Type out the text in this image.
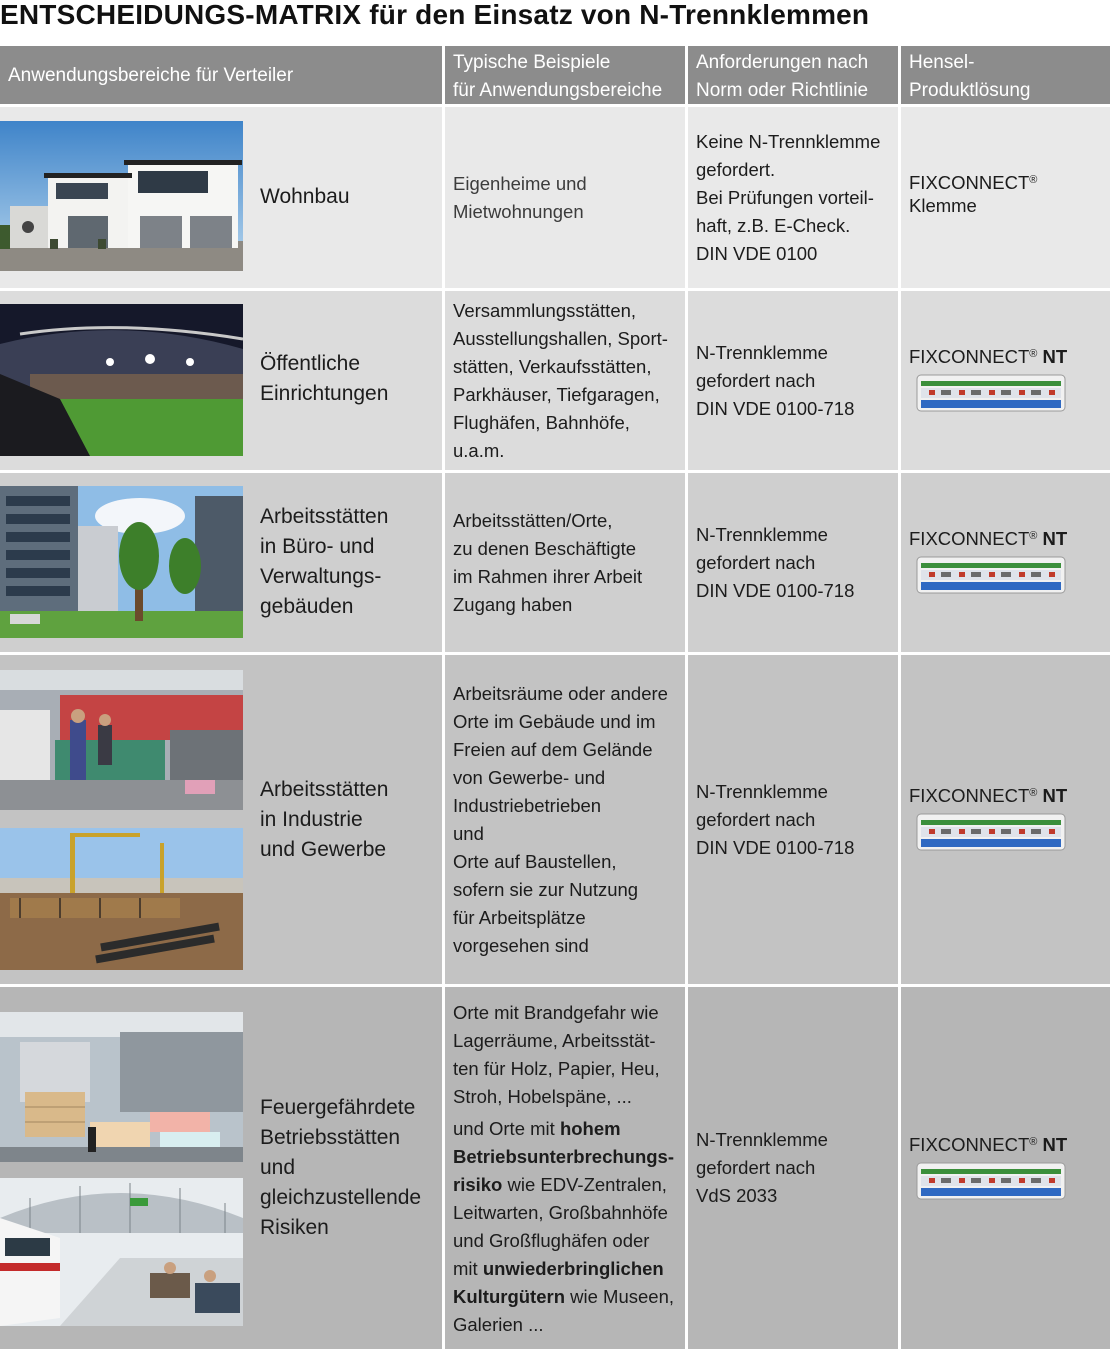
ENTSCHEIDUNGS-MATRIX für den Einsatz von N-Trennklemmen
Anwendungsbereiche für Verteiler
Typische Beispiele
für Anwendungsbereiche
Anforderungen nach
Norm oder Richtlinie
Hensel-
Produktlösung
Wohnbau
Eigenheime und
Mietwohnungen
Keine N-Trennklemme
gefordert.
Bei Prüfungen vorteil-
haft, z.B. E-Check.
DIN VDE 0100
FIXCONNECT®
Klemme
Öffentliche
Einrichtungen
Versammlungsstätten,
Ausstellungshallen, Sport-
stätten, Verkaufsstätten,
Parkhäuser, Tiefgaragen,
Flughäfen, Bahnhöfe,
u.a.m.
N-Trennklemme
gefordert nach
DIN VDE 0100-718
FIXCONNECT® NT
Arbeitsstätten
in Büro- und
Verwaltungs-
gebäuden
Arbeitsstätten/Orte,
zu denen Beschäftigte
im Rahmen ihrer Arbeit
Zugang haben
N-Trennklemme
gefordert nach
DIN VDE 0100-718
FIXCONNECT® NT
Arbeitsstätten
in Industrie
und Gewerbe
Arbeitsräume oder andere
Orte im Gebäude und im
Freien auf dem Gelände
von Gewerbe- und
Industriebetrieben
und
Orte auf Baustellen,
sofern sie zur Nutzung
für Arbeitsplätze
vorgesehen sind
N-Trennklemme
gefordert nach
DIN VDE 0100-718
FIXCONNECT® NT
Feuergefährdete
Betriebsstätten
und
gleichzustellende
Risiken
Orte mit Brandgefahr wie
Lagerräume, Arbeitsstät-
ten für Holz, Papier, Heu,
Stroh, Hobelspäne, ...
und Orte mit hohem Betriebsunterbrechungs-risiko wie EDV-Zentralen, Leitwarten, Großbahnhöfe und Großflughäfen oder mit unwiederbringlichen Kulturgütern wie Museen, Galerien ...
N-Trennklemme
gefordert nach
VdS 2033
FIXCONNECT® NT
